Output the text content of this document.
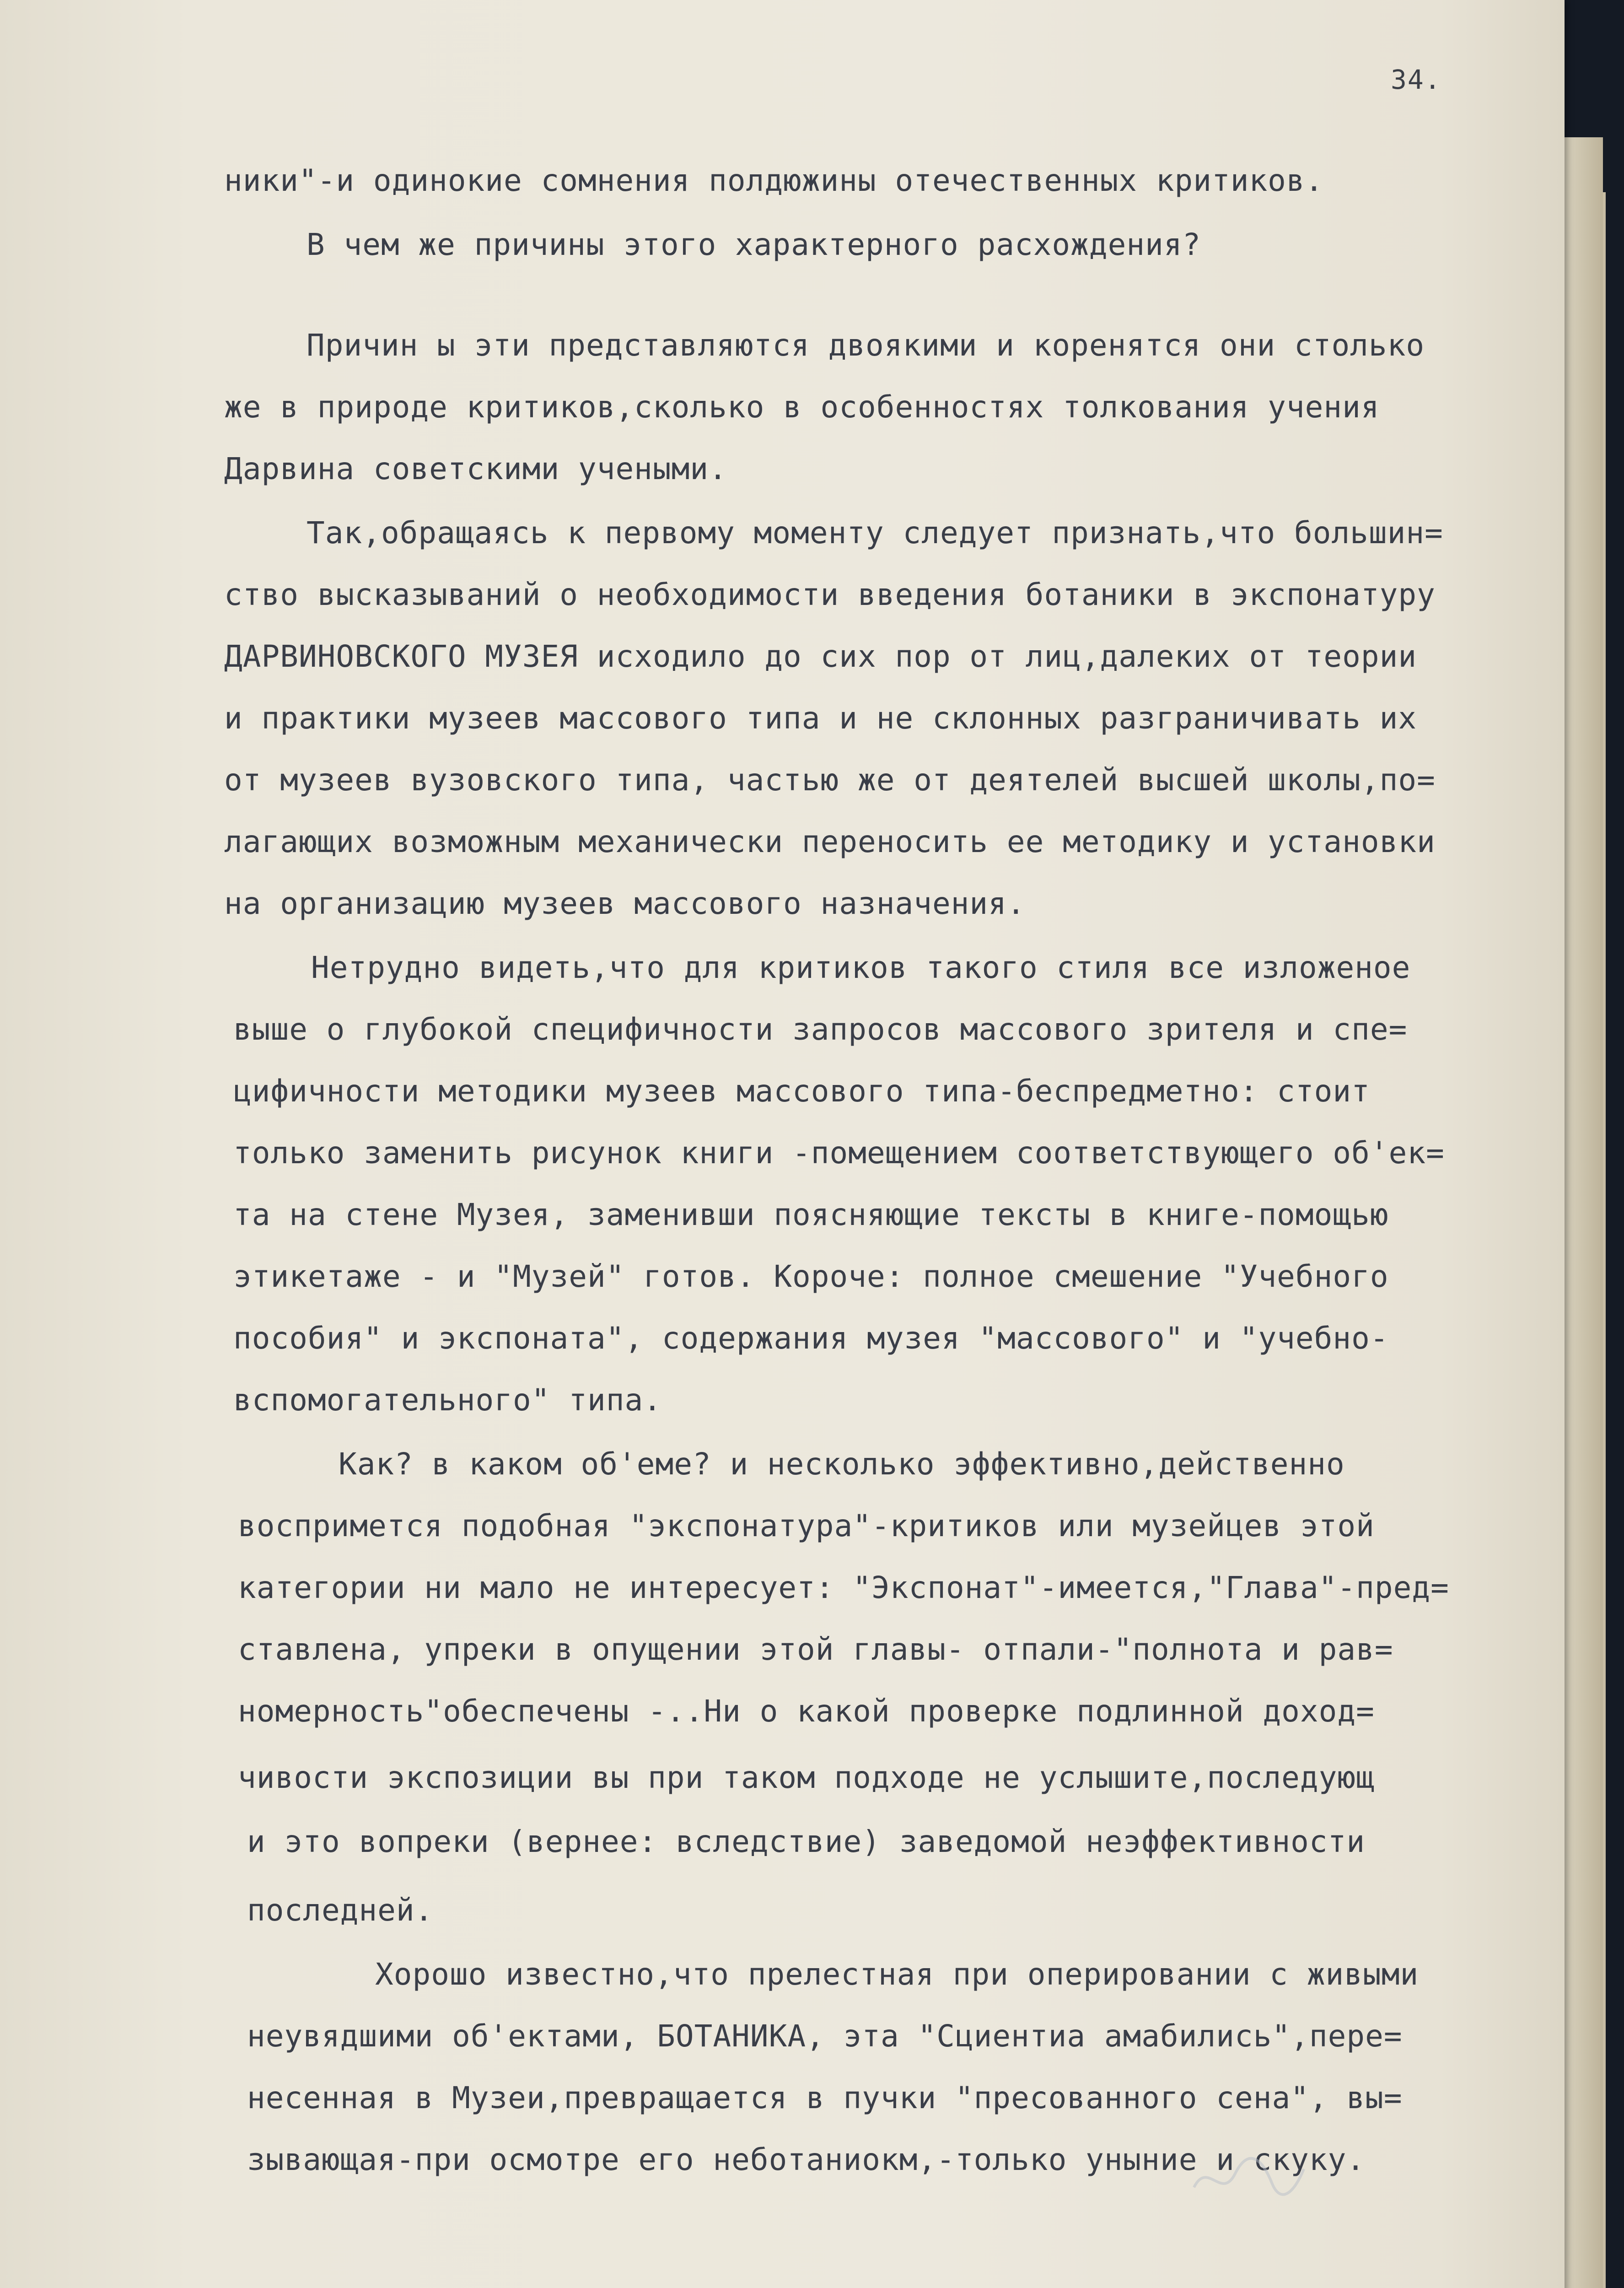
34.
ники"-и одинокие сомнения полдюжины отечественных критиков.
В чем же причины этого характерного расхождения?
Причин ы эти представляются двоякими и коренятся они столько
же в природе критиков,сколько в особенностях толкования учения
Дарвина советскими учеными.
Так,обращаясь к первому моменту следует признать,что большин=
ство высказываний о необходимости введения ботаники в экспонатуру
ДАРВИНОВСКОГО МУЗЕЯ исходило до сих пор от лиц,далеких от теории
и практики музеев массового типа и не склонных разграничивать их
от музеев вузовского типа, частью же от деятелей высшей школы,по=
лагающих возможным механически переносить ее методику и установки
на организацию музеев массового назначения.
Нетрудно видеть,что для критиков такого стиля все изложеное
выше о глубокой специфичности запросов массового зрителя и спе=
цифичности методики музеев массового типа-беспредметно: стоит
только заменить рисунок книги -помещением соответствующего об'ек=
та на стене Музея, заменивши поясняющие тексты в книге-помощью
этикетаже - и "Музей" готов. Короче: полное смешение "Учебного
пособия" и экспоната", содержания музея "массового" и "учебно-
вспомогательного" типа.
Как? в каком об'еме? и несколько эффективно,действенно
воспримется подобная "экспонатура"-критиков или музейцев этой
категории ни мало не интересует: "Экспонат"-имеется,"Глава"-пред=
ставлена, упреки в опущении этой главы- отпали-"полнота и рав=
номерность"обеспечены -..Ни о какой проверке подлинной доход=
чивости экспозиции вы при таком подходе не услышите,последующ
и это вопреки (вернее: вследствие) заведомой неэффективности
последней.
Хорошо известно,что прелестная при оперировании с живыми
неувядшими об'ектами, БОТАНИКА, эта "Сциентиа амабились",пере=
несенная в Музеи,превращается в пучки "пресованного сена", вы=
зывающая-при осмотре его неботаниокм,-только уныние и скуку.
